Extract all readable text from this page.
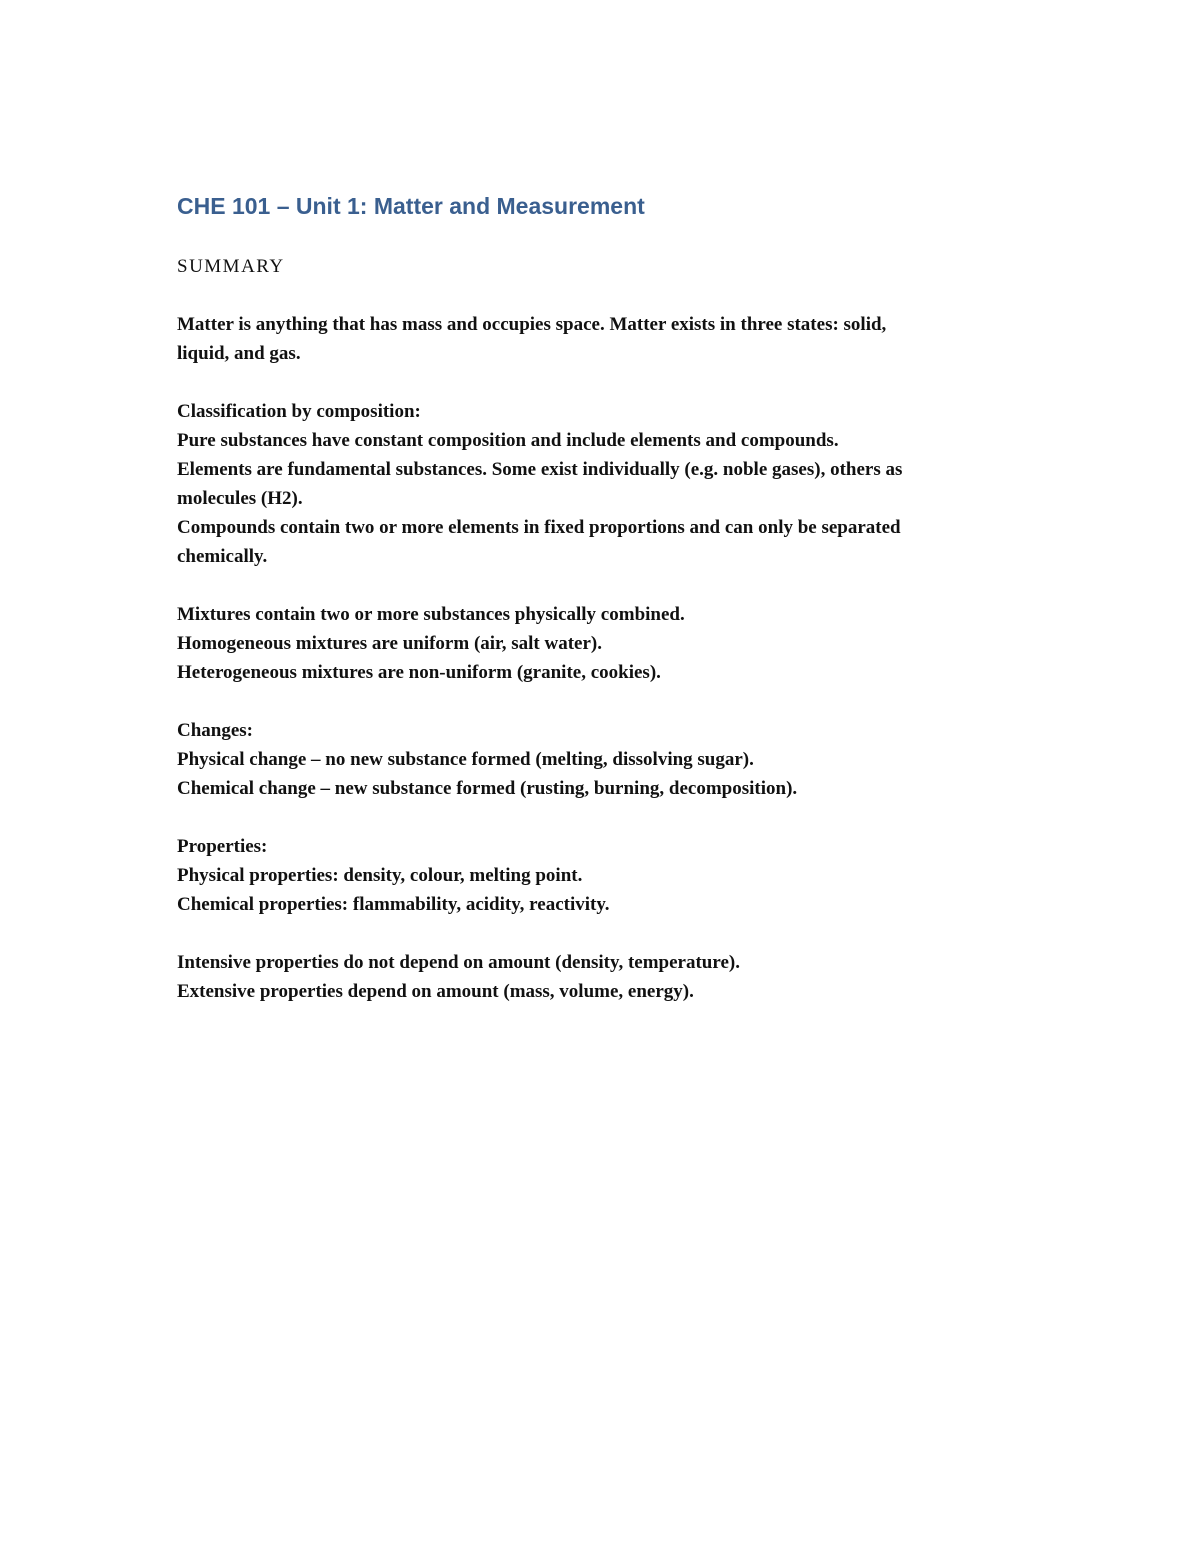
CHE 101 – Unit 1: Matter and Measurement
SUMMARY

Matter is anything that has mass and occupies space. Matter exists in three states: solid,

liquid, and gas.

Classification by composition:

Pure substances have constant composition and include elements and compounds.

Elements are fundamental substances. Some exist individually (e.g. noble gases), others as

molecules (H2).

Compounds contain two or more elements in fixed proportions and can only be separated

chemically.

Mixtures contain two or more substances physically combined.

Homogeneous mixtures are uniform (air, salt water).

Heterogeneous mixtures are non-uniform (granite, cookies).

Changes:

Physical change – no new substance formed (melting, dissolving sugar).

Chemical change – new substance formed (rusting, burning, decomposition).

Properties:

Physical properties: density, colour, melting point.

Chemical properties: flammability, acidity, reactivity.

Intensive properties do not depend on amount (density, temperature).

Extensive properties depend on amount (mass, volume, energy).
